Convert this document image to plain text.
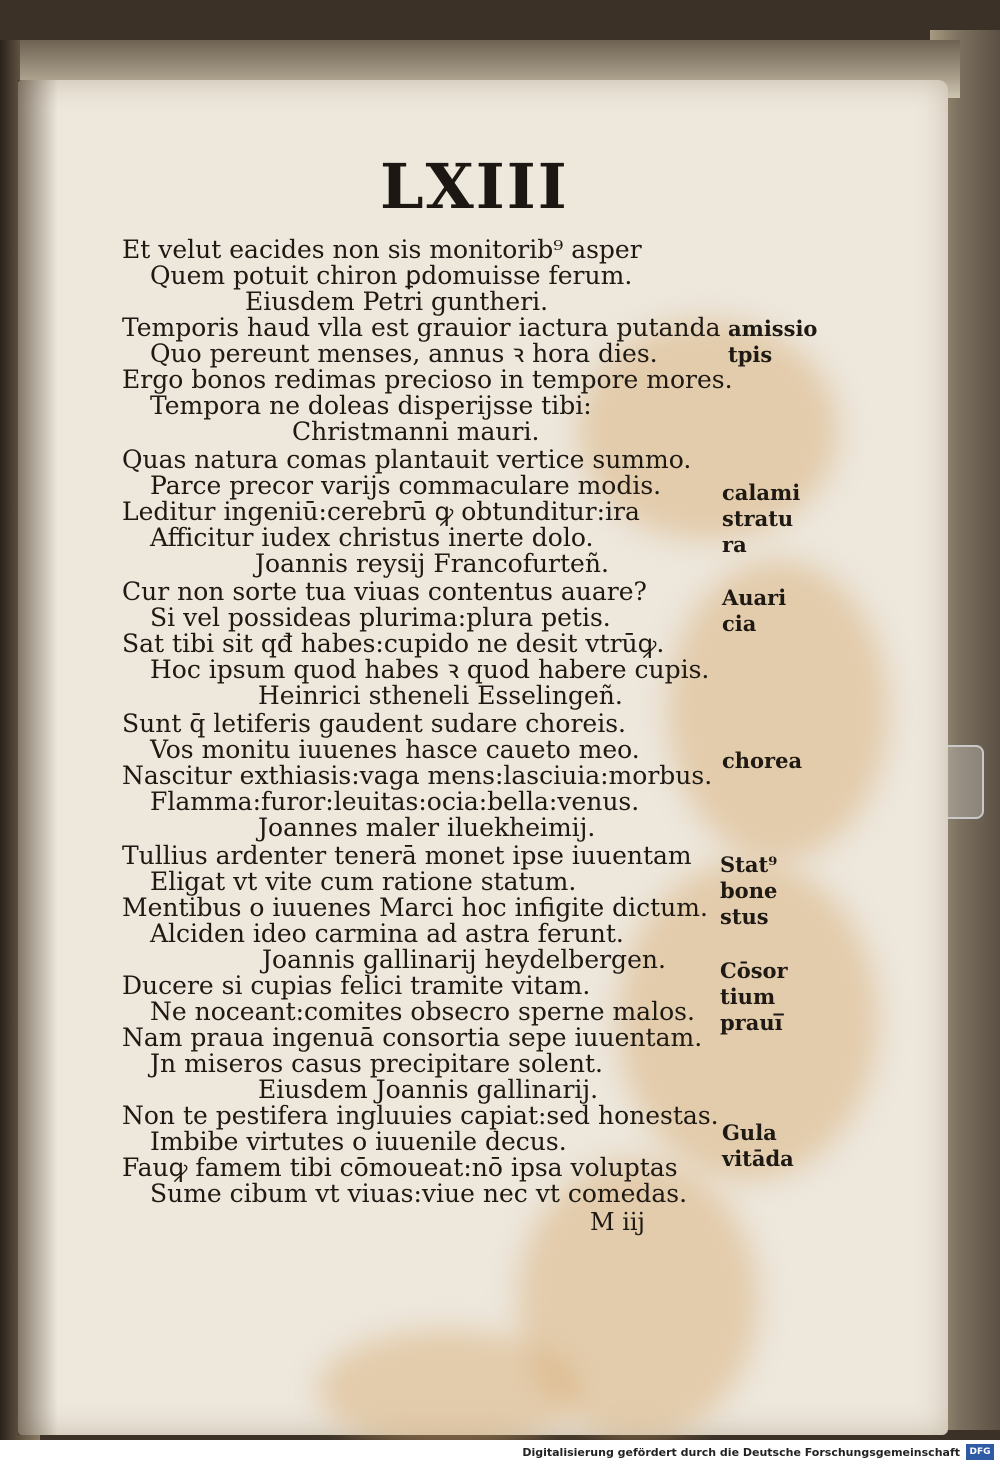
LXIII
Et velut eacides non sis monitorib⁹ asper
Quem potuit chiron ꝑdomuisse ferum.
Eiusdem Petri guntheri.
Temporis haud vlla est grauior iactura putanda
Quo pereunt menses, annus ꝛ hora dies.
Ergo bonos redimas precioso in tempore mores.
Tempora ne doleas disperijsse tibi:
Christmanni mauri.
Quas natura comas plantauit vertice summo.
Parce precor varijs commaculare modis.
Leditur ingeniū:cerebrū ꝙ obtunditur:ira
Afficitur iudex christus inerte dolo.
Joannis reysij Francofurteñ.
Cur non sorte tua viuas contentus auare?
Si vel possideas plurima:plura petis.
Sat tibi sit qđ habes:cupido ne desit vtrūꝙ.
Hoc ipsum quod habes ꝛ quod habere cupis.
Heinrici stheneli Esselingeñ.
Sunt q̄ letiferis gaudent sudare choreis.
Vos monitu iuuenes hasce caueto meo.
Nascitur exthiasis:vaga mens:lasciuia:morbus.
Flamma:furor:leuitas:ocia:bella:venus.
Joannes maler iluekheimij.
Tullius ardenter tenerā monet ipse iuuentam
Eligat vt vite cum ratione statum.
Mentibus o iuuenes Marci hoc infigite dictum.
Alciden ideo carmina ad astra ferunt.
Joannis gallinarij heydelbergen.
Ducere si cupias felici tramite vitam.
Ne noceant:comites obsecro sperne malos.
Nam praua ingenuā consortia sepe iuuentam.
Jn miseros casus precipitare solent.
Eiusdem Joannis gallinarij.
Non te pestifera ingluuies capiat:sed honestas.
Imbibe virtutes o iuuenile decus.
Fauꝙ famem tibi cōmoueat:nō ipsa voluptas
Sume cibum vt viuas:viue nec vt comedas.
amissio
tpis
calami
stratu
ra
Auari
cia
chorea
Stat⁹
bone
stus
Cōsor
tium
praui̅
Gula
vitāda
M iij
Digitalisierung gefördert durch die Deutsche Forschungsgemeinschaft	DFG
